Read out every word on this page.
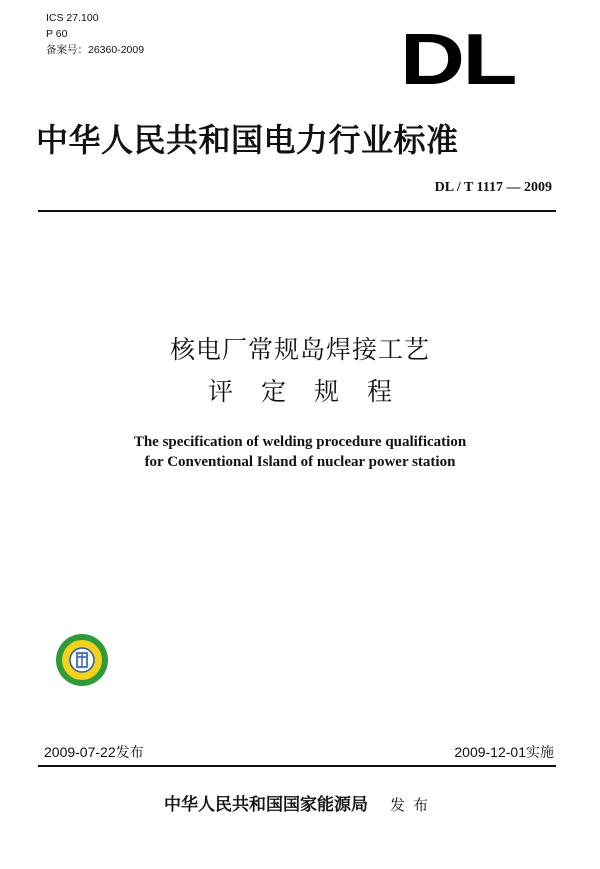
ICS 27.100
P 60
备案号：26360-2009	DL
中华人民共和国电力行业标准
DL / T 1117 — 2009
核电厂常规岛焊接工艺
评定规程
The specification of welding procedure qualification
for Conventional Island of nuclear power station
2009-07-22发布	2009-12-01实施
中华人民共和国国家能源局 发布
